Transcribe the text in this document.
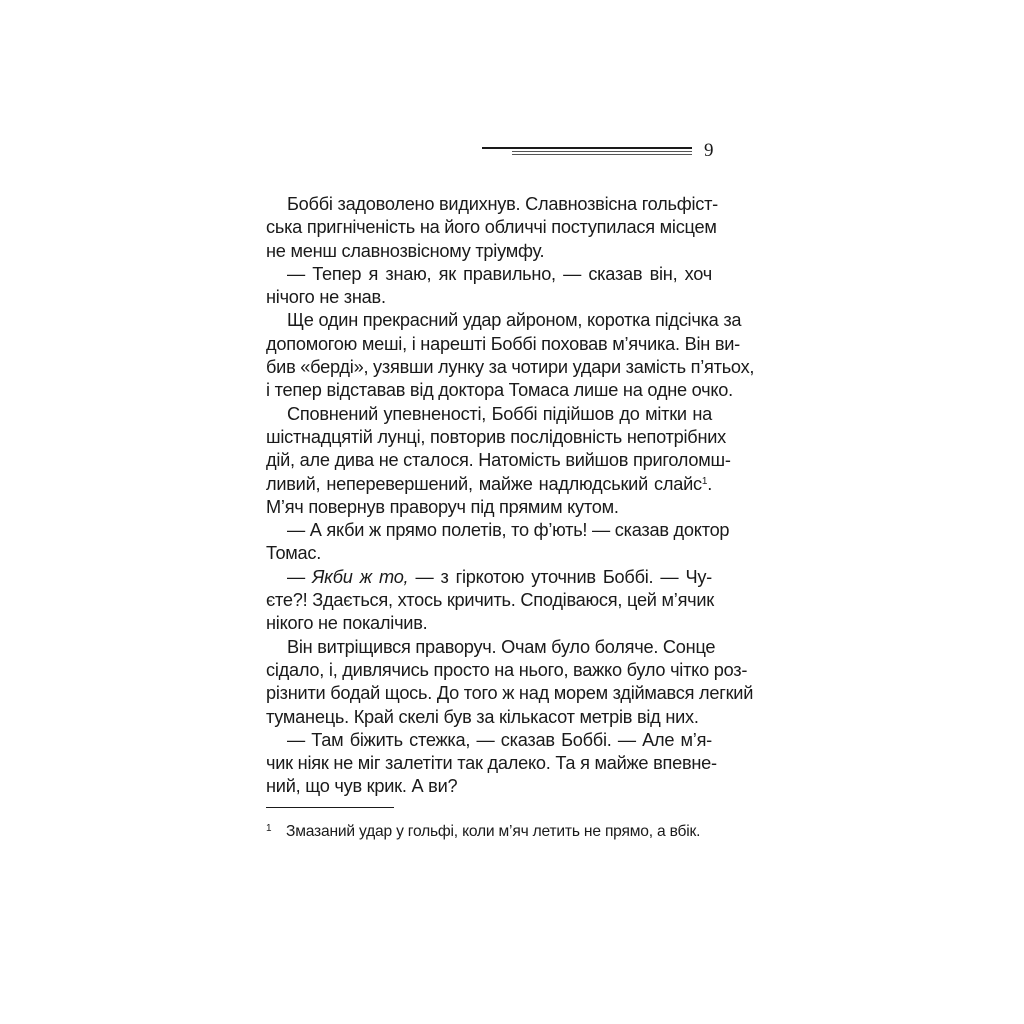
9
Боббі задоволено видихнув. Славнозвісна гольфіст-
ська пригніченість на його обличчі поступилася місцем
не менш славнозвісному тріумфу.
— Тепер я знаю, як правильно, — сказав він, хоч
нічого не знав.
Ще один прекрасний удар айроном, коротка підсічка за
допомогою меші, і нарешті Боббі поховав м’ячика. Він ви-
бив «берді», узявши лунку за чотири удари замість п’ятьох,
і тепер відставав від доктора Томаса лише на одне очко.
Сповнений упевненості, Боббі підійшов до мітки на
шістнадцятій лунці, повторив послідовність непотрібних
дій, але дива не сталося. Натомість вийшов приголомш-
ливий, неперевершений, майже надлюдський слайс$^1$.
М’яч повернув праворуч під прямим кутом.
— А якби ж прямо полетів, то ф’ють! — сказав доктор
Томас.
— Якби ж то, — з гіркотою уточнив Боббі. — Чу-
єте?! Здається, хтось кричить. Сподіваюся, цей м’ячик
нікого не покалічив.
Він витріщився праворуч. Очам було боляче. Сонце
сідало, і, дивлячись просто на нього, важко було чітко роз-
різнити бодай щось. До того ж над морем здіймався легкий
туманець. Край скелі був за кількасот метрів від них.
— Там біжить стежка, — сказав Боббі. — Але м’я-
чик ніяк не міг залетіти так далеко. Та я майже впевне-
ний, що чув крик. А ви?
1 Змазаний удар у гольфі, коли м’яч летить не прямо, а вбік.
